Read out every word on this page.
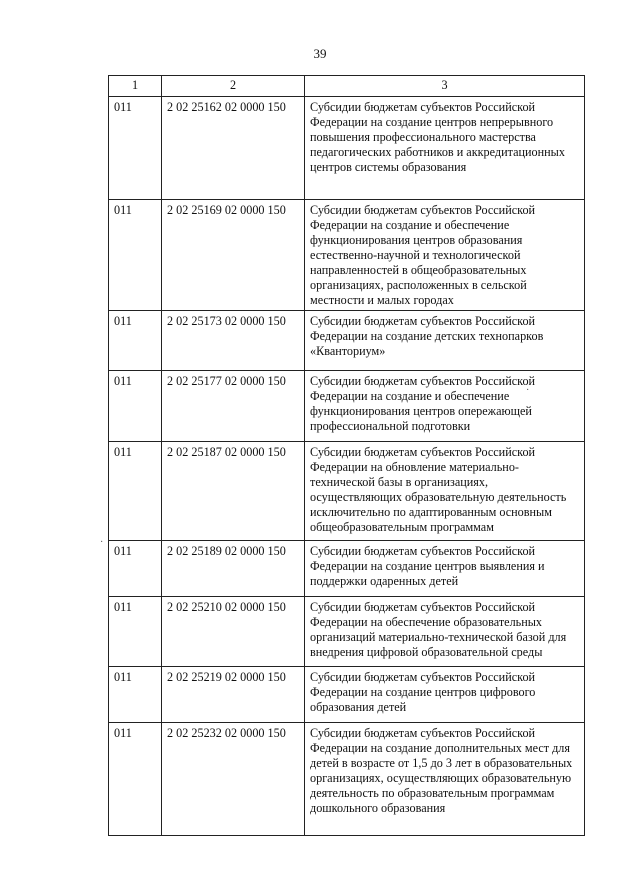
39
1	2	3
011	2 02 25162 02 0000 150	Субсидии бюджетам субъектов Российской Федерации на создание центров непрерывного повышения профессионального мастерства педагогических работников и аккредитационных центров системы образования
011	2 02 25169 02 0000 150	Субсидии бюджетам субъектов Российской Федерации на создание и обеспечение функционирования центров образования естественно-научной и технологической направленностей в общеобразовательных организациях, расположенных в сельской местности и малых городах
011	2 02 25173 02 0000 150	Субсидии бюджетам субъектов Российской Федерации на создание детских технопарков «Кванториум»
011	2 02 25177 02 0000 150	Субсидии бюджетам субъектов Российской Федерации на создание и обеспечение функционирования центров опережающей профессиональной подготовки
011	2 02 25187 02 0000 150	Субсидии бюджетам субъектов Российской Федерации на обновление материально-технической базы в организациях, осуществляющих образовательную деятельность исключительно по адаптированным основным общеобразовательным программам
011	2 02 25189 02 0000 150	Субсидии бюджетам субъектов Российской Федерации на создание центров выявления и поддержки одаренных детей
011	2 02 25210 02 0000 150	Субсидии бюджетам субъектов Российской Федерации на обеспечение образовательных организаций материально-технической базой для внедрения цифровой образовательной среды
011	2 02 25219 02 0000 150	Субсидии бюджетам субъектов Российской Федерации на создание центров цифрового образования детей
011	2 02 25232 02 0000 150	Субсидии бюджетам субъектов Российской Федерации на создание дополнительных мест для детей в возрасте от 1,5 до 3 лет в образовательных организациях, осуществляющих образовательную деятельность по образовательным программам дошкольного образования
·
·
